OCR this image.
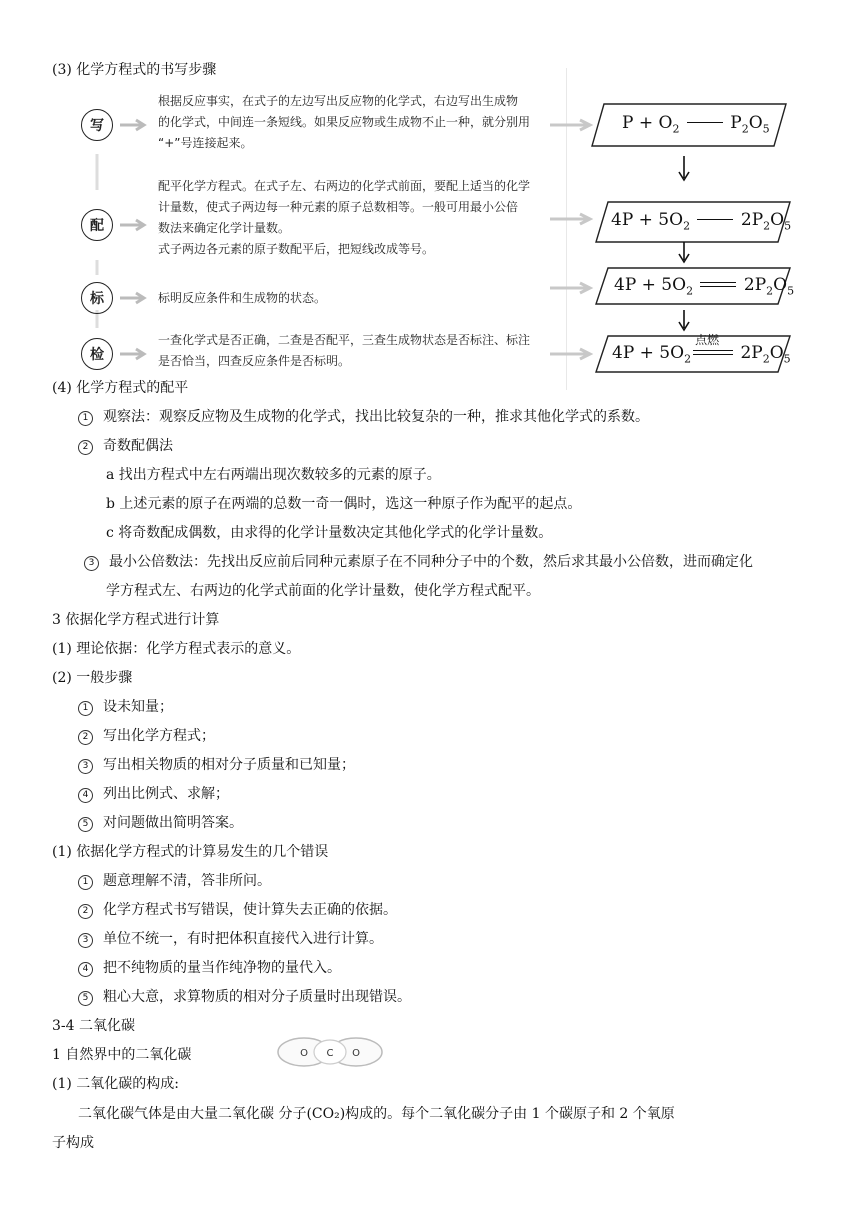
(3) 化学方程式的书写步骤
写
根据反应事实，在式子的左边写出反应物的化学式，右边写出生成物
的化学式，中间连一条短线。如果反应物或生成物不止一种，就分别用
“+”号连接起来。
配
配平化学方程式。在式子左、右两边的化学式前面，要配上适当的化学
计量数，使式子两边每一种元素的原子总数相等。一般可用最小公倍
数法来确定化学计量数。
式子两边各元素的原子数配平后，把短线改成等号。
标	标明反应条件和生成物的状态。
检
一查化学式是否正确，二查是否配平，三查生成物状态是否标注、标注
是否恰当，四查反应条件是否标明。
$P + O_2$	$P_2O_5$
$4P + 5O_2$	$2P_2O_5$
$4P + 5O_2$	$2P_2O_5$
$4P + 5O_2$
点燃
$2P_2O_5$
(4) 化学方程式的配平
1 观察法：观察反应物及生成物的化学式，找出比较复杂的一种，推求其他化学式的系数。
2 奇数配偶法
a 找出方程式中左右两端出现次数较多的元素的原子。
b 上述元素的原子在两端的总数一奇一偶时，选这一种原子作为配平的起点。
c 将奇数配成偶数，由求得的化学计量数决定其他化学式的化学计量数。
3 最小公倍数法：先找出反应前后同种元素原子在不同种分子中的个数，然后求其最小公倍数，进而确定化
学方程式左、右两边的化学式前面的化学计量数，使化学方程式配平。
3 依据化学方程式进行计算
(1) 理论依据：化学方程式表示的意义。
(2) 一般步骤
1 设未知量；
2 写出化学方程式；
3 写出相关物质的相对分子质量和已知量；
4 列出比例式、求解；
5 对问题做出简明答案。
(1) 依据化学方程式的计算易发生的几个错误
1 题意理解不清，答非所问。
2 化学方程式书写错误，使计算失去正确的依据。
3 单位不统一，有时把体积直接代入进行计算。
4 把不纯物质的量当作纯净物的量代入。
5 粗心大意，求算物质的相对分子质量时出现错误。
3-4 二氧化碳
1 自然界中的二氧化碳	O C O
(1) 二氧化碳的构成:
二氧化碳气体是由大量二氧化碳 分子(CO₂)构成的。每个二氧化碳分子由 1 个碳原子和 2 个氧原
子构成
